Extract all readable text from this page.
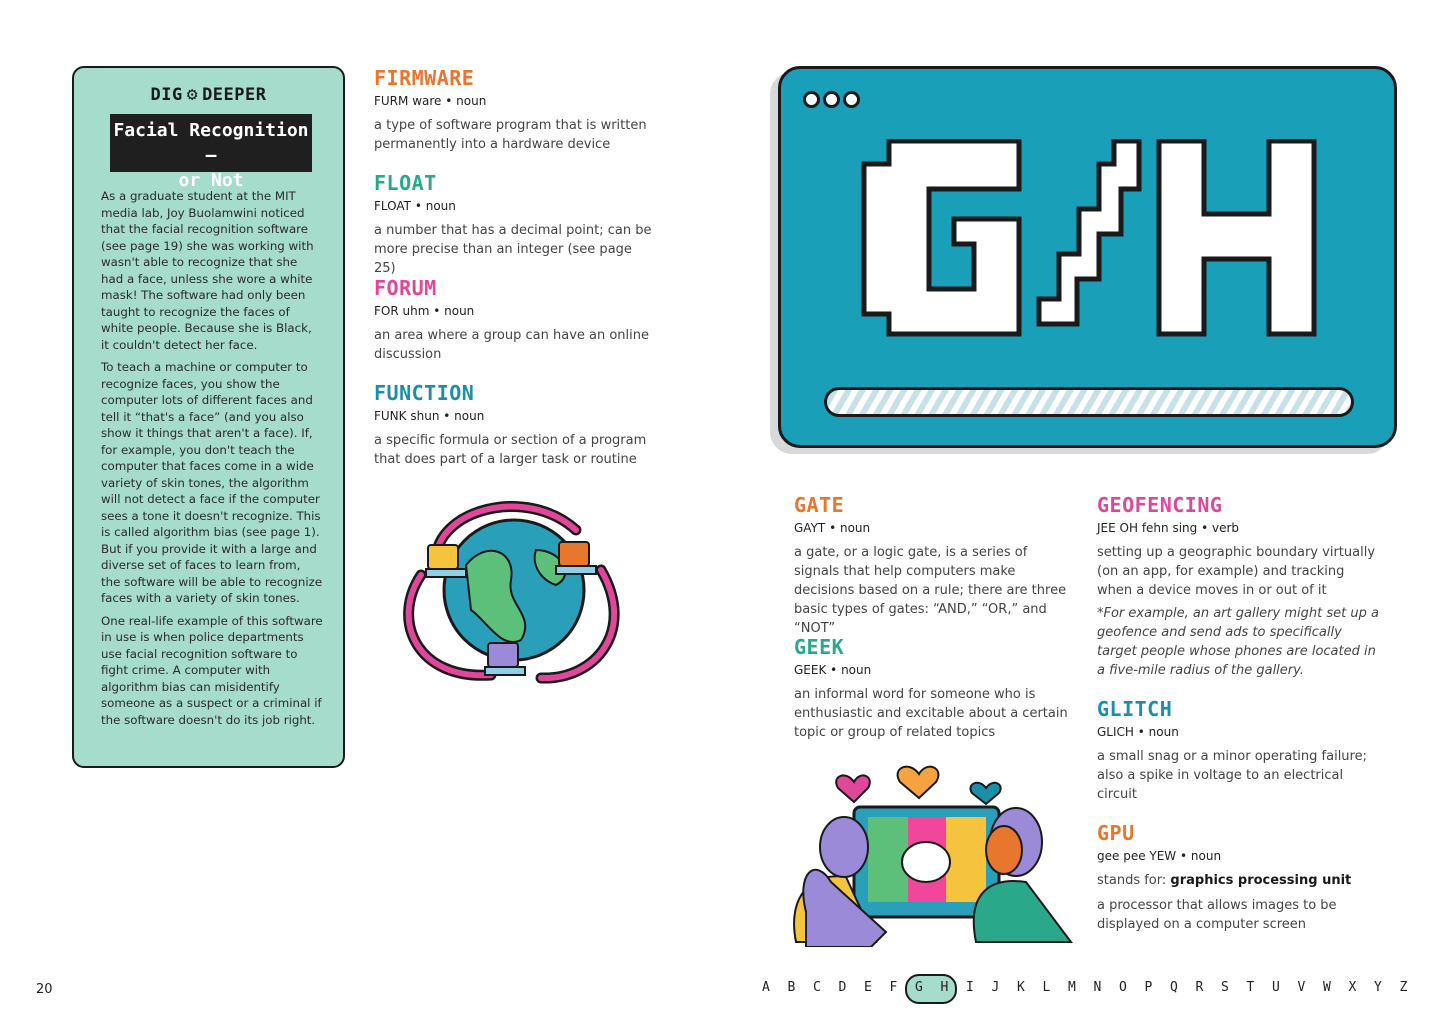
DIG ⚙ DEEPER
Facial Recognition—
or Not

As a graduate student at the MIT media lab, Joy Buolamwini noticed that the facial recognition software (see page 19) she was working with wasn't able to recognize that she had a face, unless she wore a white mask! The software had only been taught to recognize the faces of white people. Because she is Black, it couldn't detect her face.

To teach a machine or computer to recognize faces, you show the computer lots of different faces and tell it “that's a face” (and you also show it things that aren't a face). If, for example, you don't teach the computer that faces come in a wide variety of skin tones, the algorithm will not detect a face if the computer sees a tone it doesn't recognize. This is called algorithm bias (see page 1). But if you provide it with a large and diverse set of faces to learn from, the software will be able to recognize faces with a variety of skin tones.

One real-life example of this software in use is when police departments use facial recognition software to fight crime. A computer with algorithm bias can misidentify someone as a suspect or a criminal if the software doesn't do its job right.

FIRMWARE
FURM ware • noun
a type of software program that is written permanently into a hardware device
FLOAT
FLOAT • noun
a number that has a decimal point; can be more precise than an integer (see page 25)
FORUM
FOR uhm • noun
an area where a group can have an online discussion
FUNCTION
FUNK shun • noun
a specific formula or section of a program that does part of a larger task or routine
GATE
GAYT • noun
a gate, or a logic gate, is a series of signals that help computers make decisions based on a rule; there are three basic types of gates: “AND,” “OR,” and “NOT”
GEEK
GEEK • noun
an informal word for someone who is enthusiastic and excitable about a certain topic or group of related topics
GEOFENCING
JEE OH fehn sing • verb
setting up a geographic boundary virtually (on an app, for example) and tracking when a device moves in or out of it
*For example, an art gallery might set up a geofence and send ads to specifically target people whose phones are located in a five-mile radius of the gallery.
GLITCH
GLICH • noun
a small snag or a minor operating failure; also a spike in voltage to an electrical circuit
GPU
gee pee YEW • noun
stands for: graphics processing unit
a processor that allows images to be displayed on a computer screen
20	A B C D E F G H I J K L M N O P Q R S T U V W X Y Z
